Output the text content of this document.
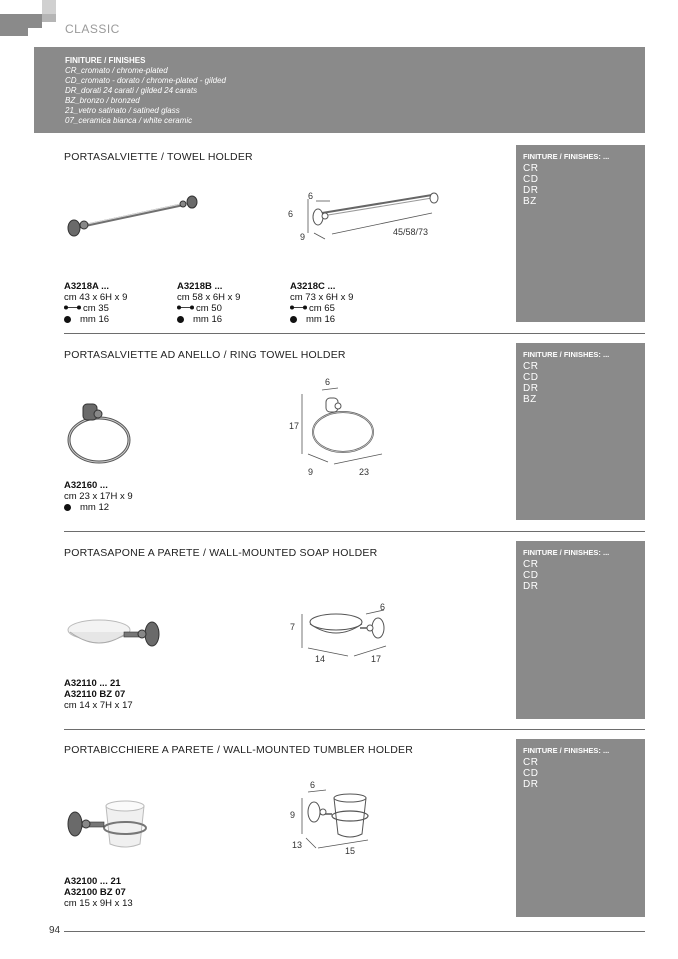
CLASSIC
FINITURE / FINISHES
CR_cromato / chrome-plated
CD_cromato - dorato / chrome-plated - gilded
DR_dorati 24 carati / gilded 24 carats
BZ_bronzo / bronzed
21_vetro satinato / satined glass
07_ceramica bianca / white ceramic
PORTASALVIETTE / TOWEL HOLDER	FINITURE / FINISHES: ...
CR
CD
DR
BZ
6
6
9	45/58/73
A3218A ...
cm 43 x 6H x 9
cm 35
mm 16
A3218B ...
cm 58 x 6H x 9
cm 50
mm 16
A3218C ...
cm 73 x 6H x 9
cm 65
mm 16
PORTASALVIETTE AD ANELLO / RING TOWEL HOLDER	FINITURE / FINISHES: ...
CR
CD
DR
BZ
6
17
9	23
A32160 ...
cm 23 x 17H x 9
mm 12
PORTASAPONE A PARETE / WALL-MOUNTED SOAP HOLDER	FINITURE / FINISHES: ...
CR
CD
DR
6
7
14	17
A32110 ... 21
A32110 BZ 07
cm 14 x 7H x 17
PORTABICCHIERE A PARETE / WALL-MOUNTED TUMBLER HOLDER	FINITURE / FINISHES: ...
CR
CD
DR
6
9
13
15
A32100 ... 21
A32100 BZ 07
cm 15 x 9H x 13
94
